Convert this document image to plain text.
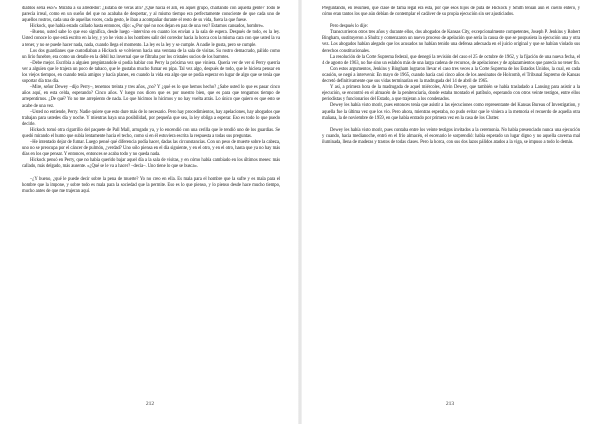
diablos sería eso?» Miraba a su alrededor: ¿Estaba de veras allí? ¿Qué hacía él allí, en aquel grupo, charlando con aquella gente? Todo le parecía irreal, como en un sueño del que no acababa de despertar, y al mismo tiempo era perfectamente consciente de que cada uno de aquellos rostros, cada una de aquellas voces, cada gesto, le iban a acompañar durante el resto de su vida, fuera la que fuese.

Hickock, que había estado callado hasta entonces, dijo: «¿Por qué no nos dejan en paz de una vez? Estamos cansados, hombre».

–Bueno, usted sabe lo que eso significa, desde luego –intervino en cuanto los envían a la sala de espera. Después de todo, es la ley. Usted conoce lo que está escrito en la ley, y yo he visto a los hombres salir del corredor hacia la horca con la misma cara con que usted la va a tener, y no se puede hacer nada, nada, cuando llega el momento. La ley es la ley y se cumple. A nadie le gusta, pero se cumple.

Los dos guardianes que custodiaban a Hickock se volvieron hacia una ventana de la sala de visitas. Su rostro demacrado, pálido como un lirio funebre, era como un detalle en la débil luz invernal que se filtraba por los cristales sucios de los barrotes.

–Debe mejor. Escribía a alguien pregúntandole si podía hablar con Perry la próxima vez que viniera. Quería ver de ver si Perry querría ver a alguien que le trajera un poco de tabaco, que le gustaba mucho fumar en pipa. Tal vez algo, después de todo, que le hiciera pensar en los viejos tiempos, en cuando tenía amigos y hacía planes, en cuando la vida era algo que se podía esperar en lugar de algo que se tenía que soportar día tras día.

–Mire, señor Dewey –dijo Perry–, tenemos treinta y tres años, ¿no? Y ¿qué es lo que hemos hecho? ¿Sabe usted lo que es pasar cinco años aquí, en esta celda, esperando? Cinco años. Y luego nos dicen que es por nuestro bien, que es para que tengamos tiempo de arrepentirnos. ¿De qué? Yo no me arrepiento de nada. Lo que hicimos lo hicimos y no hay vuelta atrás. Lo único que quiero es que esto se acabe de una vez.

–Usted no entiende, Perry. Nadie quiere que esto dure más de lo necesario. Pero hay procedimientos, hay apelaciones, hay abogados que trabajan para ustedes día y noche. Y mientras haya una posibilidad, por pequeña que sea, la ley obliga a esperar. Eso es todo lo que puedo decirle.

Hickock tomó otra cigarrillo del paquete de Pall Mall, arrugado ya, y lo encendió con una cerilla que le tendió uno de los guardias. Se quedó mirando el humo que subía lentamente hacia el techo, como si en él estuviera escrita la respuesta a todas sus preguntas.

–He intentado dejar de fumar. Luego pensé qué diferencia podía hacer, dadas las circunstancias. Con un peso de muerte sobre la cabeza, uno no se preocupa por el cáncer de pulmón, ¿verdad? Uno sólo piensa en el día siguiente, y en el otro, y en el otro, hasta que ya no hay más días en los que pensar. Y entonces, entonces se acaba todo y no queda nada.

Hickock pensó en Perry, que no había querido bajar aquel día a la sala de visitas, y en cómo había cambiado en los últimos meses: más callado, más delgado, más ausente. «¿Qué se le va a hacer? –decía–. Uno tiene lo que se busca».

–¿Y bueno, ¿qué le puede decir sobre la pena de muerte? Yo no creo en ella. Es mala para el hombre que la sufre y es mala para el hombre que la impone, y sobre todo es mala para la sociedad que la permite. Eso es lo que pienso, y lo pienso desde hace mucho tiempo, mucho antes de que me trajeran aquí.

212

Preguntando, en resumen, qué clase de fama legal era ésta, por qué esos hijos de puta de Hickock y Smith tenían aún el cuello entero, y cómo eran tantos los que aún debían de contemplar el cadáver de su propia ejecución sin ser ajusticiados.

Pero después lo dije:

Transcurrieron otros tres años y durante ellos, dos abogados de Kansas City, excepcionalmente competentes, Joseph P. Jenkins y Robert Bingham, sustituyeron a Shultz y comenzaron un nuevo proceso de apelación que sería la causa de que se pospusiera la ejecución una y otra vez. Los abogados habían alegado que los acusados no habían tenido una defensa adecuada en el juicio original y que se habían violado sus derechos constitucionales.

La resolución de la Corte Suprema federal, que denegó la revisión del caso el 25 de octubre de 1962, y la fijación de una nueva fecha, el 4 de agosto de 1963, no fue sino un eslabón más de una larga cadena de recursos, de apelaciones y de aplazamientos que parecía no tener fin.

Con estos argumentos, Jenkins y Bingham lograron llevar el caso tres veces a la Corte Suprema de los Estados Unidos, la cual, en cada ocasión, se negó a intervenir. En mayo de 1965, cuando hacía casi cinco años de los asesinatos de Holcomb, el Tribunal Supremo de Kansas decretó definitivamente que sus vidas terminarían en la madrugada del 14 de abril de 1965.

Y así, a primera hora de la madrugada de aquel miércoles, Alvin Dewey, que también se había trasladado a Lansing para asistir a la ejecución, se encontró en el almacén de la penitenciaría, donde estaba montado el patíbulo, esperando con otros veinte testigos, entre ellos periodistas y funcionarios del Estado, a que trajeran a los condenados.

Dewey les había visto morir, pues entonces tenía que asistir a las ejecuciones como representante del Kansas Bureau of Investigation, y aquella fue la última vez que los vio. Pero ahora, mientras esperaba, no pudo evitar que le viniera a la memoria el recuerdo de aquella otra mañana, la de noviembre de 1959, en que había entrado por primera vez en la casa de los Clutter.

Dewey les había visto morir, pues contaba entre los veinte testigos invitados a la ceremonia. No había presenciado nunca una ejecución y cuando, hacia medianoche, entró en el frío almacén, el escenario le sorprendió: había esperado un lugar digno y no aquella caverna mal iluminada, llena de maderas y trastos de todas clases. Pero la horca, con sus dos lazos pálidos atados a la viga, se impuso a todo lo demás.

213
